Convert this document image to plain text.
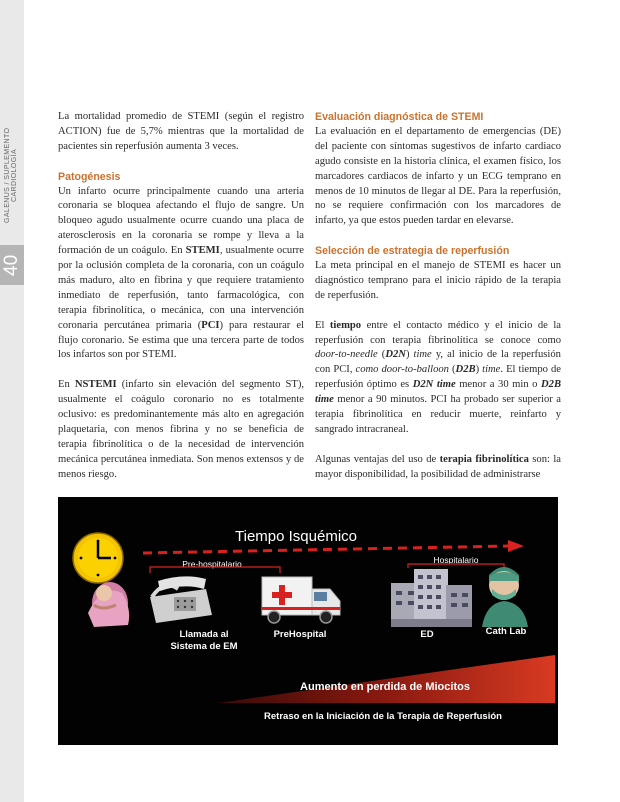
40
GALENUS / SUPLEMENTO CARDIOLOGÍA

La mortalidad promedio de STEMI (según el registro ACTION) fue de 5,7% mientras que la mortalidad de pacientes sin reperfusión aumenta 3 veces.

Patogénesis

Un infarto ocurre principalmente cuando una arteria coronaria se bloquea afectando el flujo de sangre. Un bloqueo agudo usualmente ocurre cuando una placa de aterosclerosis en la coronaria se rompe y lleva a la formación de un coágulo. En STEMI, usualmente ocurre por la oclusión completa de la coronaria, con un coágulo más maduro, alto en fibrina y que requiere tratamiento inmediato de reperfusión, tanto farmacológica, con terapia fibrinolítica, o mecánica, con una intervención coronaria percutánea primaria (PCI) para restaurar el flujo coronario. Se estima que una tercera parte de todos los infartos son por STEMI.

En NSTEMI (infarto sin elevación del segmento ST), usualmente el coágulo coronario no es totalmente oclusivo: es predominantemente más alto en agregación plaquetaria, con menos fibrina y no se beneficia de terapia fibrinolítica o de la necesidad de intervención mecánica percutánea inmediata. Son menos extensos y de menos riesgo.

Evaluación diagnóstica de STEMI

La evaluación en el departamento de emergencias (DE) del paciente con síntomas sugestivos de infarto cardiaco agudo consiste en la historia clínica, el examen físico, los marcadores cardiacos de infarto y un ECG temprano en menos de 10 minutos de llegar al DE. Para la reperfusión, no se requiere confirmación con los marcadores de infarto, ya que estos pueden tardar en elevarse.

Selección de estrategia de reperfusión

La meta principal en el manejo de STEMI es hacer un diagnóstico temprano para el inicio rápido de la terapia de reperfusión.

El tiempo entre el contacto médico y el inicio de la reperfusión con terapia fibrinolítica se conoce como door-to-needle (D2N) time y, al inicio de la reperfusión con PCI, como door-to-balloon (D2B) time. El tiempo de reperfusión óptimo es D2N time menor a 30 min o D2B time menor a 90 minutos. PCI ha probado ser superior a terapia fibrinolítica en reducir muerte, reinfarto y sangrado intracraneal.

Algunas ventajas del uso de terapia fibrinolítica son: la mayor disponibilidad, la posibilidad de administrarse

Tiempo Isquémico
Pre-hospitalario	Hospitalario
Llamada al
Sistema de EM
PreHospital	ED	Cath Lab
Aumento en perdida de Miocitos
Retraso en la Iniciación de la Terapia de Reperfusión
